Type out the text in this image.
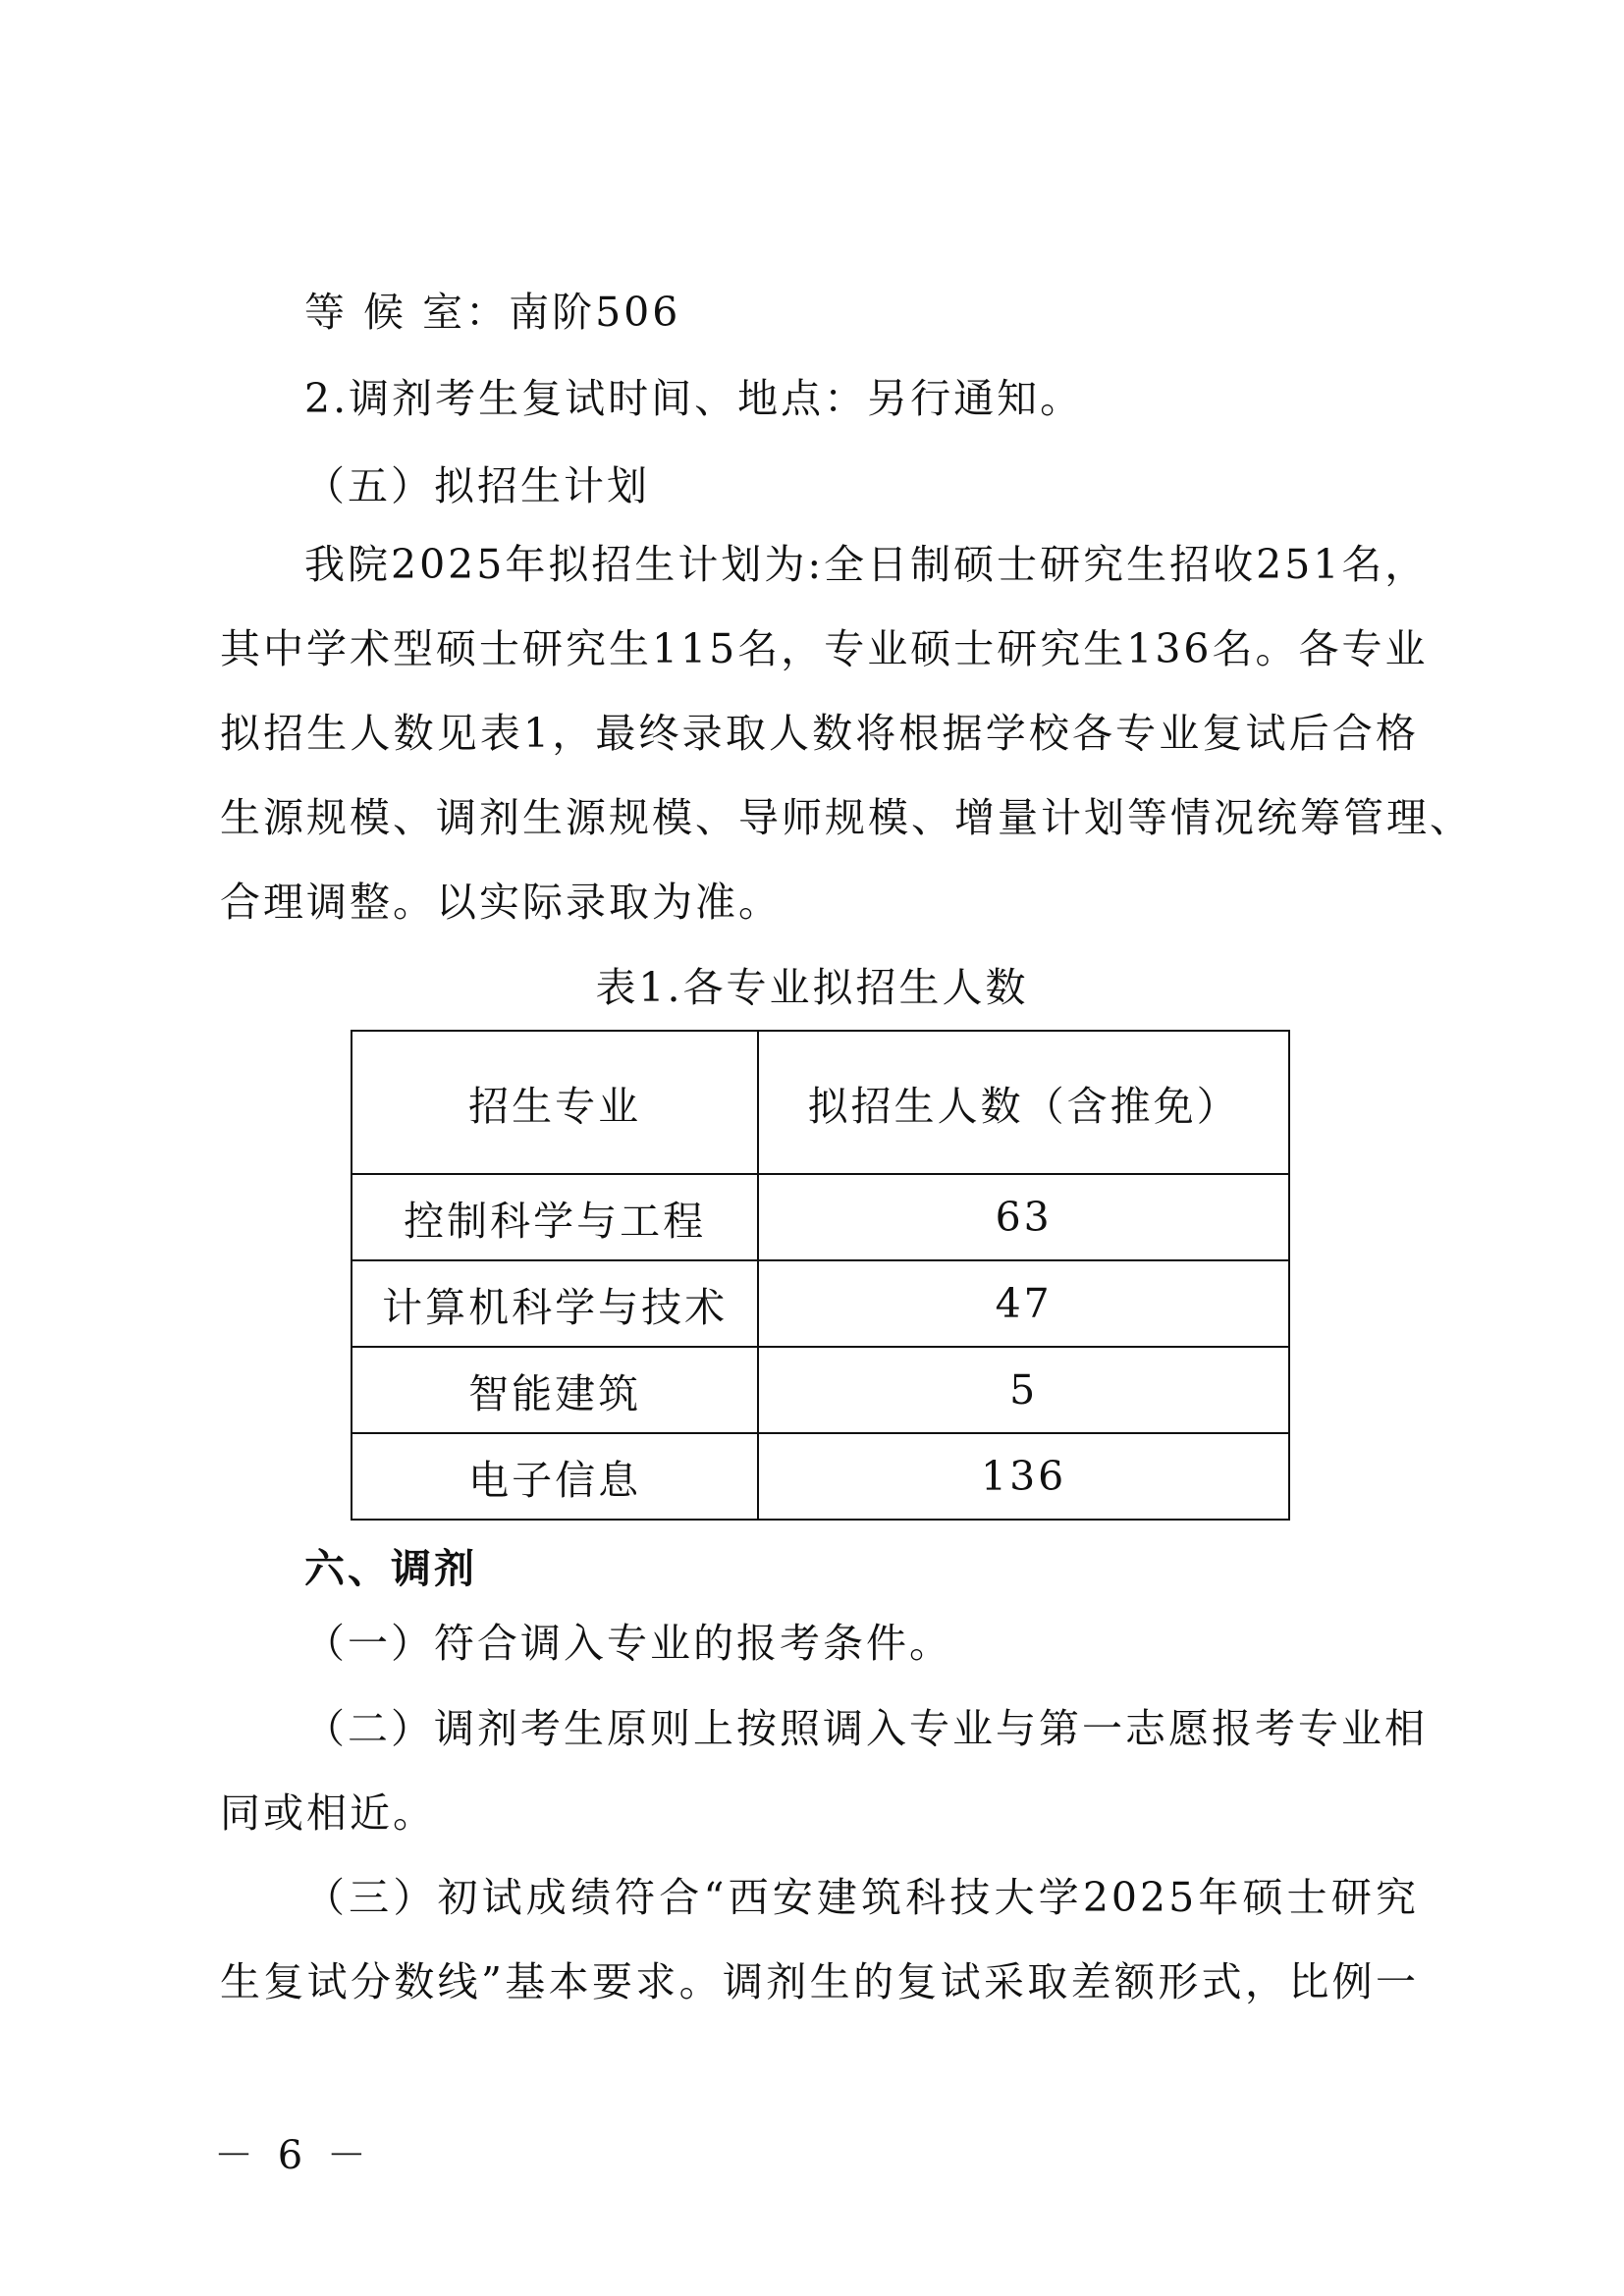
等 候 室：南阶506
2.调剂考生复试时间、地点：另行通知。
（五）拟招生计划
我院2025年拟招生计划为:全日制硕士研究生招收251名，
其中学术型硕士研究生115名，专业硕士研究生136名。各专业
拟招生人数见表1，最终录取人数将根据学校各专业复试后合格
生源规模、调剂生源规模、导师规模、增量计划等情况统筹管理、
合理调整。以实际录取为准。
表1.各专业拟招生人数
招生专业	拟招生人数（含推免）
控制科学与工程	63
计算机科学与技术	47
智能建筑	5
电子信息	136
六、调剂
（一）符合调入专业的报考条件。
（二）调剂考生原则上按照调入专业与第一志愿报考专业相
同或相近。
（三）初试成绩符合“西安建筑科技大学2025年硕士研究
生复试分数线”基本要求。调剂生的复试采取差额形式，比例一
－ 6 －
